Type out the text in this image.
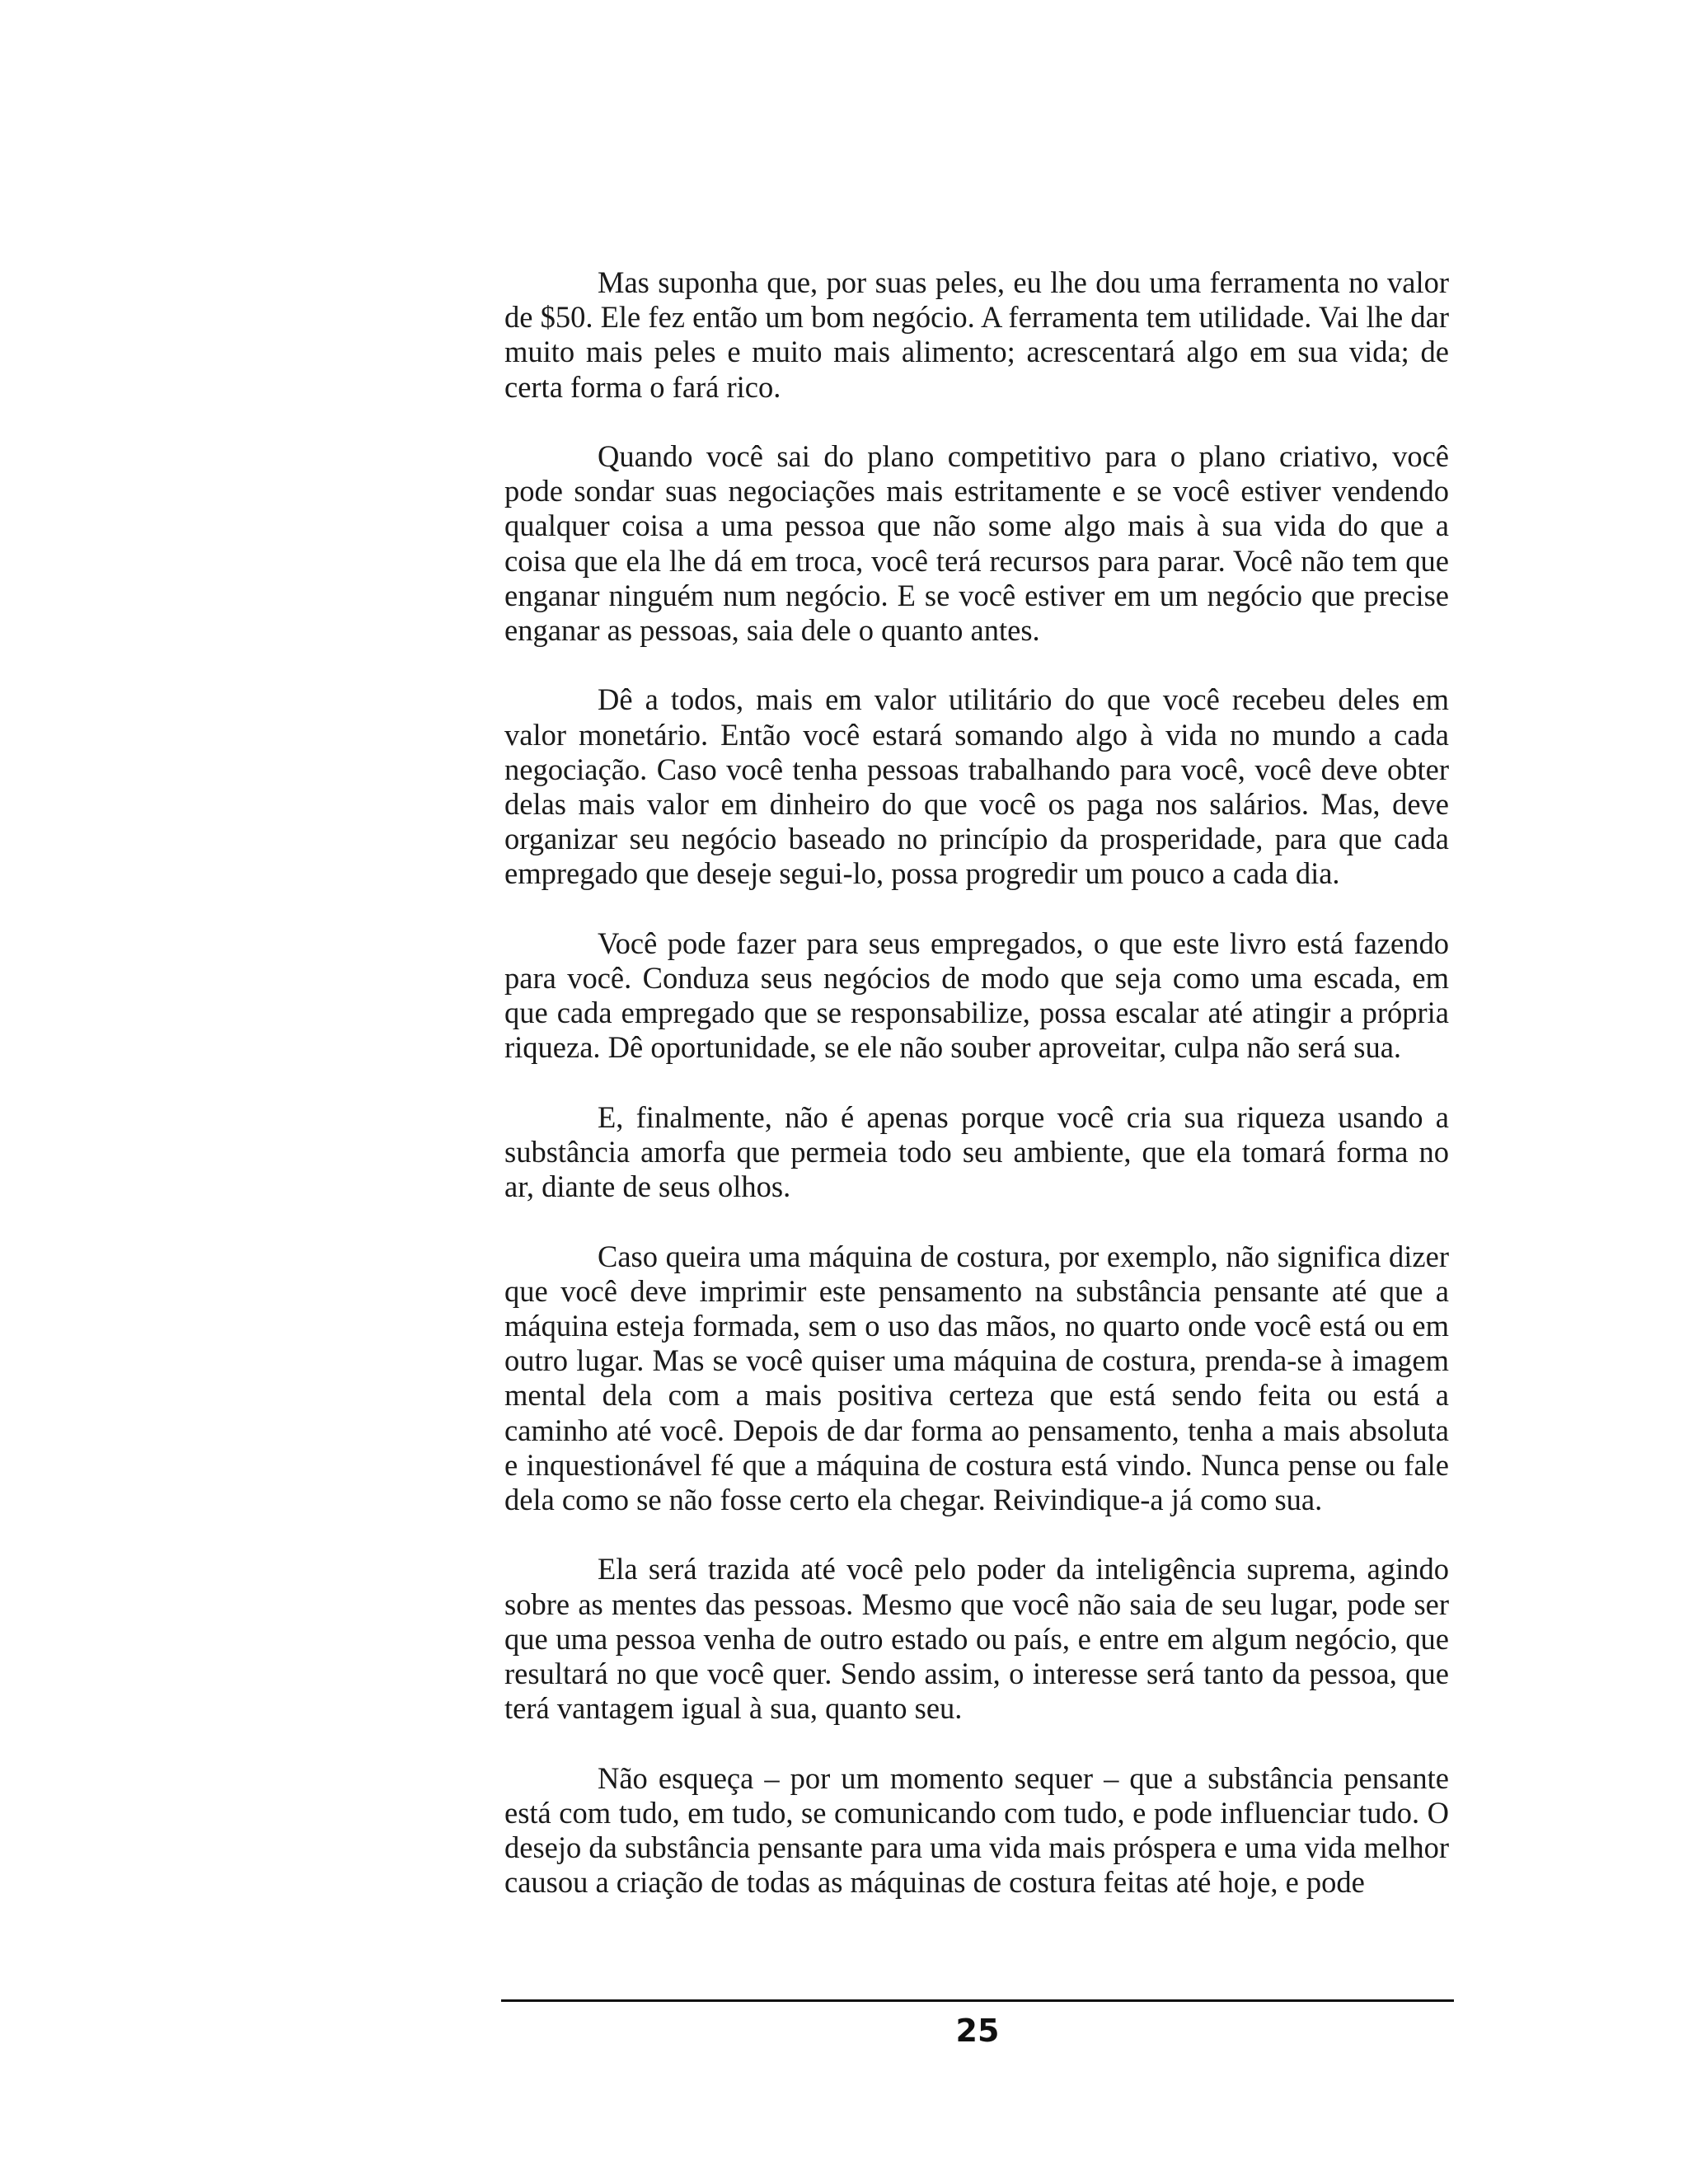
Mas suponha que, por suas peles, eu lhe dou uma ferramenta no valor de $50. Ele fez então um bom negócio. A ferramenta tem utilidade. Vai lhe dar muito mais peles e muito mais alimento; acrescentará algo em sua vida; de certa forma o fará rico.

Quando você sai do plano competitivo para o plano criativo, você pode sondar suas negociações mais estritamente e se você estiver vendendo qualquer coisa a uma pessoa que não some algo mais à sua vida do que a coisa que ela lhe dá em troca, você terá recursos para parar. Você não tem que enganar ninguém num negócio. E se você estiver em um negócio que precise enganar as pessoas, saia dele o quanto antes.

Dê a todos, mais em valor utilitário do que você recebeu deles em valor monetário. Então você estará somando algo à vida no mundo a cada negociação. Caso você tenha pessoas trabalhando para você, você deve obter delas mais valor em dinheiro do que você os paga nos salários. Mas, deve organizar seu negócio baseado no princípio da prosperidade, para que cada empregado que deseje segui-lo, possa progredir um pouco a cada dia.

Você pode fazer para seus empregados, o que este livro está fazendo para você. Conduza seus negócios de modo que seja como uma escada, em que cada empregado que se responsabilize, possa escalar até atingir a própria riqueza. Dê oportunidade, se ele não souber aproveitar, culpa não será sua.

E, finalmente, não é apenas porque você cria sua riqueza usando a substância amorfa que permeia todo seu ambiente, que ela tomará forma no ar, diante de seus olhos.

Caso queira uma máquina de costura, por exemplo, não significa dizer que você deve imprimir este pensamento na substância pensante até que a máquina esteja formada, sem o uso das mãos, no quarto onde você está ou em outro lugar. Mas se você quiser uma máquina de costura, prenda-se à imagem mental dela com a mais positiva certeza que está sendo feita ou está a caminho até você. Depois de dar forma ao pensamento, tenha a mais absoluta e inquestionável fé que a máquina de costura está vindo. Nunca pense ou fale dela como se não fosse certo ela chegar. Reivindique-a já como sua.

Ela será trazida até você pelo poder da inteligência suprema, agindo sobre as mentes das pessoas. Mesmo que você não saia de seu lugar, pode ser que uma pessoa venha de outro estado ou país, e entre em algum negócio, que resultará no que você quer. Sendo assim, o interesse será tanto da pessoa, que terá vantagem igual à sua, quanto seu.

Não esqueça – por um momento sequer – que a substância pensante está com tudo, em tudo, se comunicando com tudo, e pode influenciar tudo. O desejo da substância pensante para uma vida mais próspera e uma vida melhor causou a criação de todas as máquinas de costura feitas até hoje, e pode

25
